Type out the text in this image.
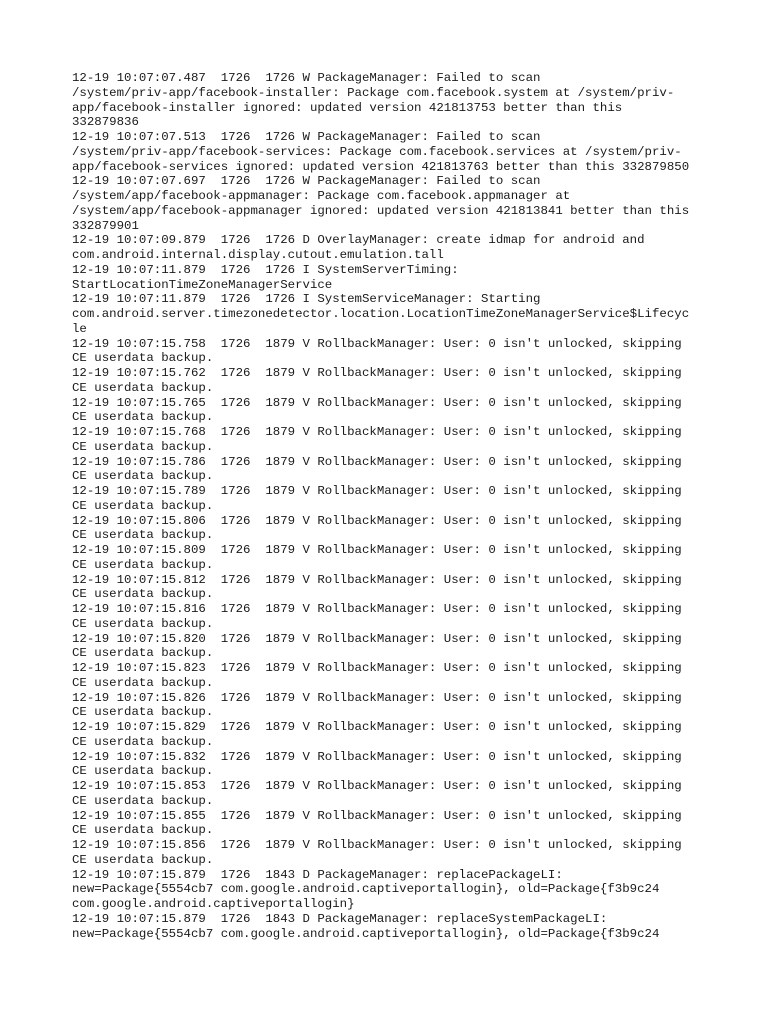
12-19 10:07:07.487  1726  1726 W PackageManager: Failed to scan

/system/priv-app/facebook-installer: Package com.facebook.system at /system/priv-

app/facebook-installer ignored: updated version 421813753 better than this

332879836

12-19 10:07:07.513  1726  1726 W PackageManager: Failed to scan

/system/priv-app/facebook-services: Package com.facebook.services at /system/priv-

app/facebook-services ignored: updated version 421813763 better than this 332879850

12-19 10:07:07.697  1726  1726 W PackageManager: Failed to scan

/system/app/facebook-appmanager: Package com.facebook.appmanager at

/system/app/facebook-appmanager ignored: updated version 421813841 better than this

332879901

12-19 10:07:09.879  1726  1726 D OverlayManager: create idmap for android and

com.android.internal.display.cutout.emulation.tall

12-19 10:07:11.879  1726  1726 I SystemServerTiming:

StartLocationTimeZoneManagerService

12-19 10:07:11.879  1726  1726 I SystemServiceManager: Starting

com.android.server.timezonedetector.location.LocationTimeZoneManagerService$Lifecyc

le

12-19 10:07:15.758  1726  1879 V RollbackManager: User: 0 isn't unlocked, skipping

CE userdata backup.

12-19 10:07:15.762  1726  1879 V RollbackManager: User: 0 isn't unlocked, skipping

CE userdata backup.

12-19 10:07:15.765  1726  1879 V RollbackManager: User: 0 isn't unlocked, skipping

CE userdata backup.

12-19 10:07:15.768  1726  1879 V RollbackManager: User: 0 isn't unlocked, skipping

CE userdata backup.

12-19 10:07:15.786  1726  1879 V RollbackManager: User: 0 isn't unlocked, skipping

CE userdata backup.

12-19 10:07:15.789  1726  1879 V RollbackManager: User: 0 isn't unlocked, skipping

CE userdata backup.

12-19 10:07:15.806  1726  1879 V RollbackManager: User: 0 isn't unlocked, skipping

CE userdata backup.

12-19 10:07:15.809  1726  1879 V RollbackManager: User: 0 isn't unlocked, skipping

CE userdata backup.

12-19 10:07:15.812  1726  1879 V RollbackManager: User: 0 isn't unlocked, skipping

CE userdata backup.

12-19 10:07:15.816  1726  1879 V RollbackManager: User: 0 isn't unlocked, skipping

CE userdata backup.

12-19 10:07:15.820  1726  1879 V RollbackManager: User: 0 isn't unlocked, skipping

CE userdata backup.

12-19 10:07:15.823  1726  1879 V RollbackManager: User: 0 isn't unlocked, skipping

CE userdata backup.

12-19 10:07:15.826  1726  1879 V RollbackManager: User: 0 isn't unlocked, skipping

CE userdata backup.

12-19 10:07:15.829  1726  1879 V RollbackManager: User: 0 isn't unlocked, skipping

CE userdata backup.

12-19 10:07:15.832  1726  1879 V RollbackManager: User: 0 isn't unlocked, skipping

CE userdata backup.

12-19 10:07:15.853  1726  1879 V RollbackManager: User: 0 isn't unlocked, skipping

CE userdata backup.

12-19 10:07:15.855  1726  1879 V RollbackManager: User: 0 isn't unlocked, skipping

CE userdata backup.

12-19 10:07:15.856  1726  1879 V RollbackManager: User: 0 isn't unlocked, skipping

CE userdata backup.

12-19 10:07:15.879  1726  1843 D PackageManager: replacePackageLI:

new=Package{5554cb7 com.google.android.captiveportallogin}, old=Package{f3b9c24

com.google.android.captiveportallogin}

12-19 10:07:15.879  1726  1843 D PackageManager: replaceSystemPackageLI:

new=Package{5554cb7 com.google.android.captiveportallogin}, old=Package{f3b9c24
